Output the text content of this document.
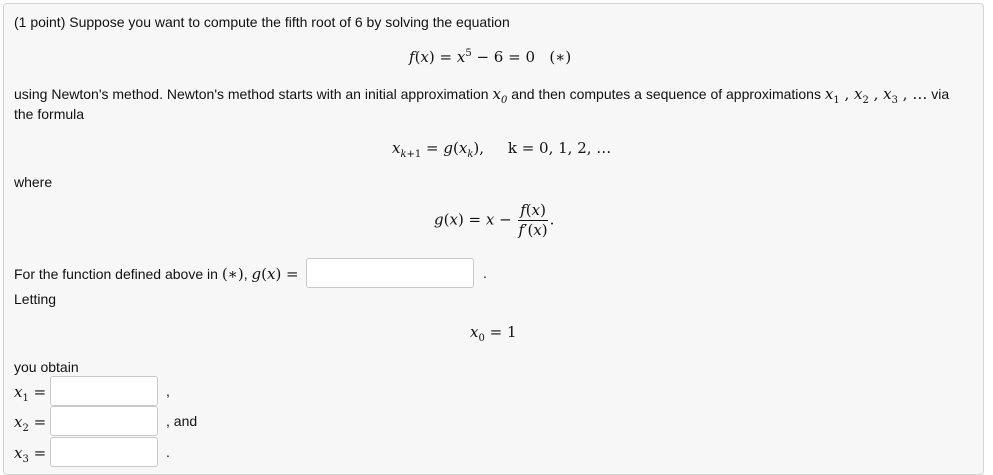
(1 point) Suppose you want to compute the fifth root of 6 by solving the equation
$f(x) = x^5 - 6 = 0$   (∗)
using Newton's method. Newton's method starts with an initial approximation $x_0$ and then computes a sequence of approximations $x_1$ , $x_2$ , $x_3$ , … via
the formula
$x_{k+1} = g(x_k)$,     k = 0, 1, 2, …
where
$g(x) = x - \frac{f(x)}{f'(x)}$ .
For the function defined above in (∗), g(x) =	.
Letting
$x_0 = 1$
you obtain
$x_1$ =	,
$x_2$ =	, and
$x_3$ =	.
